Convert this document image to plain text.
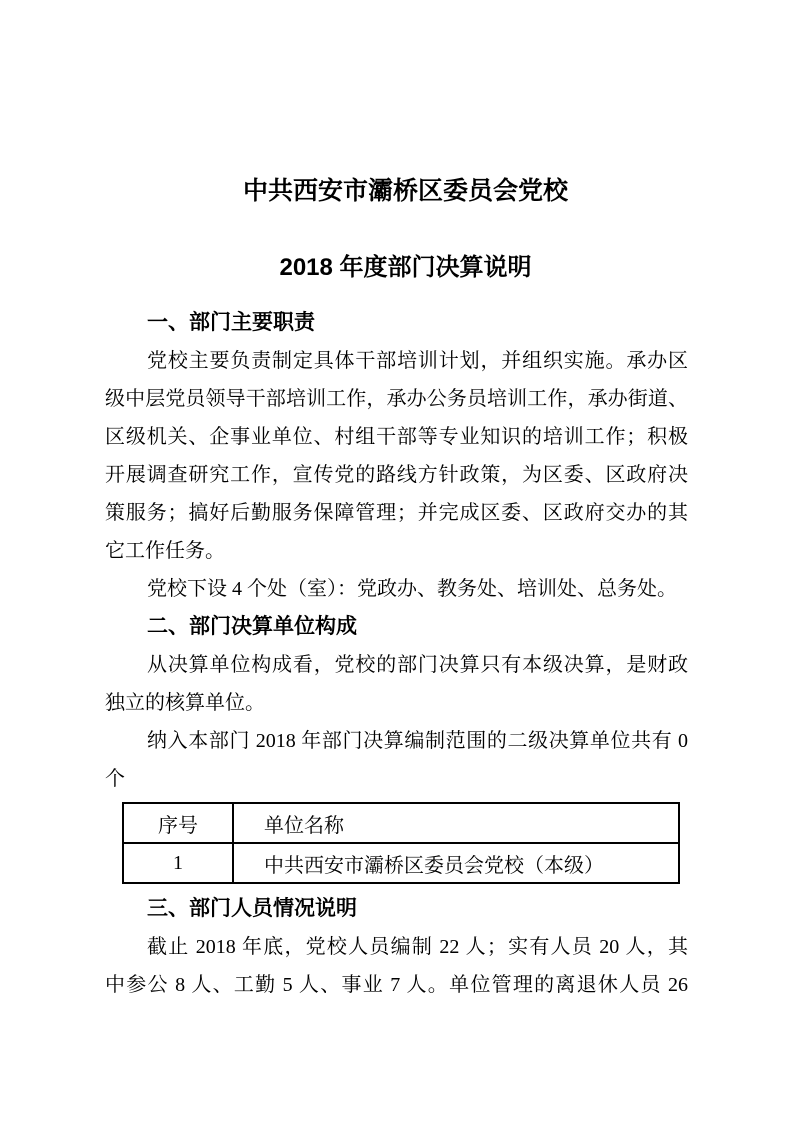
中共西安市灞桥区委员会党校
2018 年度部门决算说明
一、部门主要职责
党校主要负责制定具体干部培训计划，并组织实施。承办区
级中层党员领导干部培训工作，承办公务员培训工作，承办街道、
区级机关、企事业单位、村组干部等专业知识的培训工作；积极
开展调查研究工作，宣传党的路线方针政策，为区委、区政府决
策服务；搞好后勤服务保障管理；并完成区委、区政府交办的其
它工作任务。
党校下设 4 个处（室）：党政办、教务处、培训处、总务处。
二、部门决算单位构成
从决算单位构成看，党校的部门决算只有本级决算，是财政
独立的核算单位。
纳入本部门 2018 年部门决算编制范围的二级决算单位共有 0
个
序号	单位名称
1	中共西安市灞桥区委员会党校（本级）
三、部门人员情况说明
截止 2018 年底，党校人员编制 22 人；实有人员 20 人，其
中参公 8 人、工勤 5 人、事业 7 人。单位管理的离退休人员 26
